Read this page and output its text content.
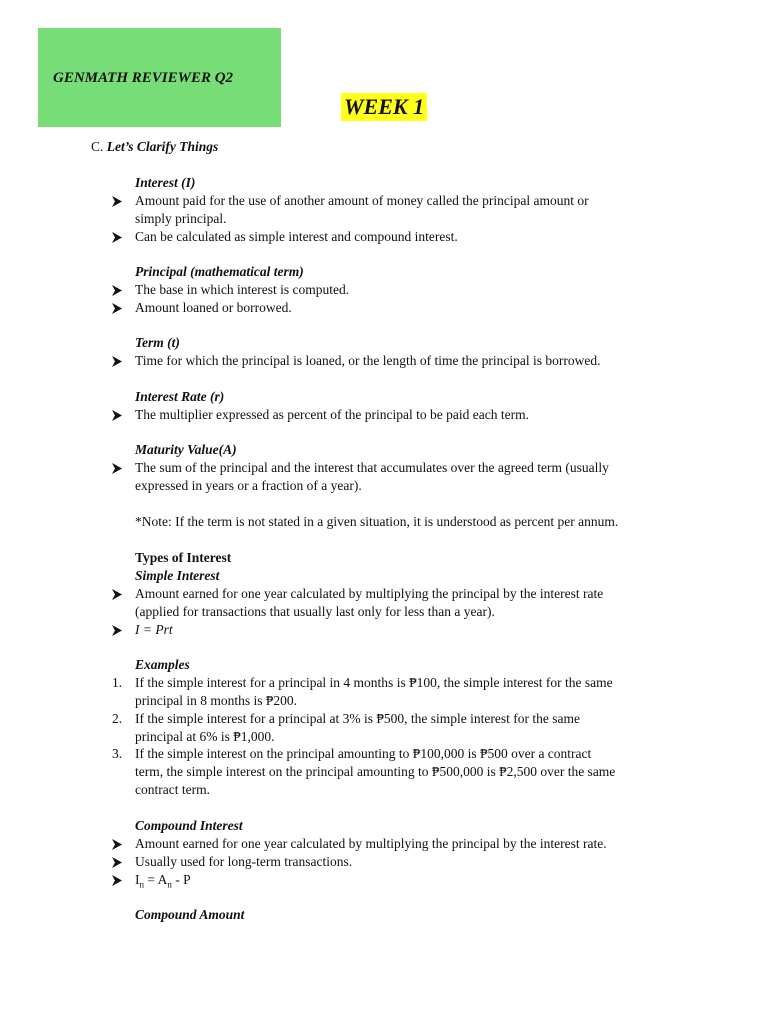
GENMATH REVIEWER Q2
WEEK 1
C. Let’s Clarify Things
Interest (I)
Amount paid for the use of another amount of money called the principal amount or
simply principal.
Can be calculated as simple interest and compound interest.
Principal (mathematical term)
The base in which interest is computed.
Amount loaned or borrowed.
Term (t)
Time for which the principal is loaned, or the length of time the principal is borrowed.
Interest Rate (r)
The multiplier expressed as percent of the principal to be paid each term.
Maturity Value(A)
The sum of the principal and the interest that accumulates over the agreed term (usually
expressed in years or a fraction of a year).
*Note: If the term is not stated in a given situation, it is understood as percent per annum.
Types of Interest
Simple Interest
Amount earned for one year calculated by multiplying the principal by the interest rate
(applied for transactions that usually last only for less than a year).
I = Prt
Examples
1. If the simple interest for a principal in 4 months is ₱100, the simple interest for the same
principal in 8 months is ₱200.
2. If the simple interest for a principal at 3% is ₱500, the simple interest for the same
principal at 6% is ₱1,000.
3. If the simple interest on the principal amounting to ₱100,000 is ₱500 over a contract
term, the simple interest on the principal amounting to ₱500,000 is ₱2,500 over the same
contract term.
Compound Interest
Amount earned for one year calculated by multiplying the principal by the interest rate.
Usually used for long-term transactions.
$I_n = A_n - P$
Compound Amount
